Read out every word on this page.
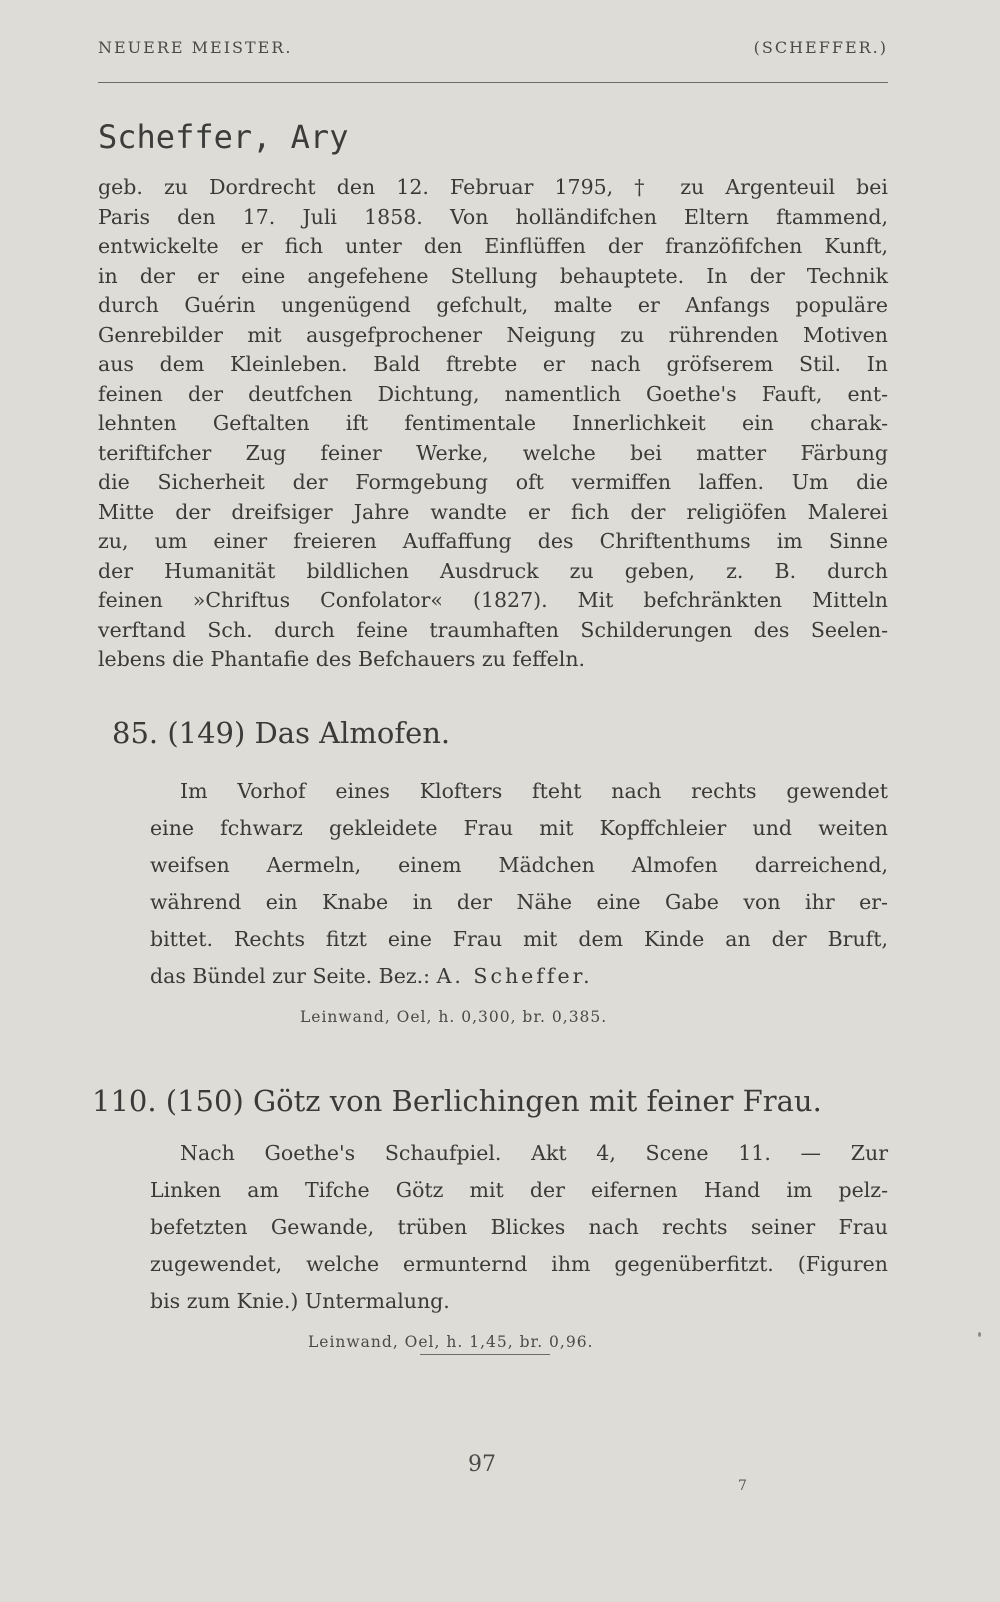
NEUERE MEISTER.	(SCHEFFER.)
Scheffer, Ary
geb. zu Dordrecht den 12. Februar 1795, † zu Argenteuil bei
Paris den 17. Juli 1858. Von holländifchen Eltern ftammend,
entwickelte er fich unter den Einflüffen der franzöfifchen Kunft,
in der er eine angefehene Stellung behauptete. In der Technik
durch Guérin ungenügend gefchult, malte er Anfangs populäre
Genrebilder mit ausgefprochener Neigung zu rührenden Motiven
aus dem Kleinleben. Bald ftrebte er nach gröfserem Stil. In
feinen der deutfchen Dichtung, namentlich Goethe's Fauft, ent-
lehnten Geftalten ift fentimentale Innerlichkeit ein charak-
teriftifcher Zug feiner Werke, welche bei matter Färbung
die Sicherheit der Formgebung oft vermiffen laffen. Um die
Mitte der dreifsiger Jahre wandte er fich der religiöfen Malerei
zu, um einer freieren Auffaffung des Chriftenthums im Sinne
der Humanität bildlichen Ausdruck zu geben, z. B. durch
feinen »Chriftus Confolator« (1827). Mit befchränkten Mitteln
verftand Sch. durch feine traumhaften Schilderungen des Seelen-
lebens die Phantafie des Befchauers zu feffeln.
85. (149) Das Almofen.
Im Vorhof eines Klofters fteht nach rechts gewendet
eine fchwarz gekleidete Frau mit Kopffchleier und weiten
weifsen Aermeln, einem Mädchen Almofen darreichend,
während ein Knabe in der Nähe eine Gabe von ihr er-
bittet. Rechts fitzt eine Frau mit dem Kinde an der Bruft,
das Bündel zur Seite. Bez.: A. Scheffer.
Leinwand, Oel, h. 0,300, br. 0,385.
110. (150) Götz von Berlichingen mit feiner Frau.
Nach Goethe's Schaufpiel. Akt 4, Scene 11. — Zur
Linken am Tifche Götz mit der eifernen Hand im pelz-
befetzten Gewande, trüben Blickes nach rechts seiner Frau
zugewendet, welche ermunternd ihm gegenüberfitzt. (Figuren
bis zum Knie.) Untermalung.
Leinwand, Oel, h. 1,45, br. 0,96.
97
7
